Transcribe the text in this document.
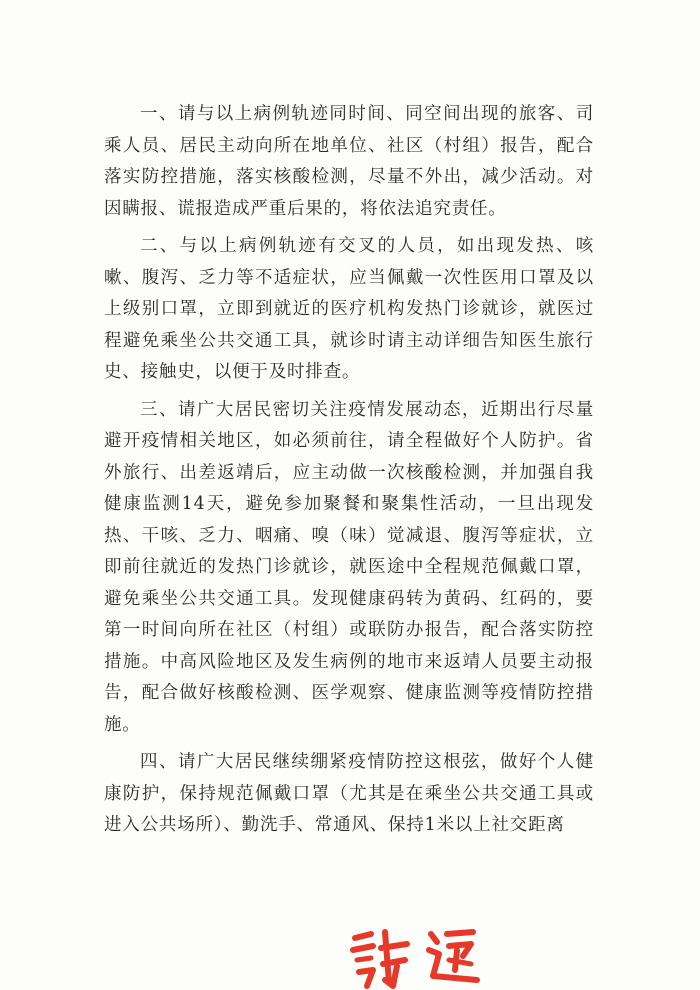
一、请与以上病例轨迹同时间、同空间出现的旅客、司乘人员、居民主动向所在地单位、社区（村组）报告，配合落实防控措施，落实核酸检测，尽量不外出，减少活动。对因瞒报、谎报造成严重后果的，将依法追究责任。

二、与以上病例轨迹有交叉的人员，如出现发热、咳嗽、腹泻、乏力等不适症状，应当佩戴一次性医用口罩及以上级别口罩，立即到就近的医疗机构发热门诊就诊，就医过程避免乘坐公共交通工具，就诊时请主动详细告知医生旅行史、接触史，以便于及时排查。

三、请广大居民密切关注疫情发展动态，近期出行尽量避开疫情相关地区，如必须前往，请全程做好个人防护。省外旅行、出差返靖后，应主动做一次核酸检测，并加强自我健康监测14天，避免参加聚餐和聚集性活动，一旦出现发热、干咳、乏力、咽痛、嗅（味）觉减退、腹泻等症状，立即前往就近的发热门诊就诊，就医途中全程规范佩戴口罩，避免乘坐公共交通工具。发现健康码转为黄码、红码的，要第一时间向所在社区（村组）或联防办报告，配合落实防控措施。中高风险地区及发生病例的地市来返靖人员要主动报告，配合做好核酸检测、医学观察、健康监测等疫情防控措施。

四、请广大居民继续绷紧疫情防控这根弦，做好个人健康防护，保持规范佩戴口罩（尤其是在乘坐公共交通工具或进入公共场所）、勤洗手、常通风、保持1米以上社交距离
